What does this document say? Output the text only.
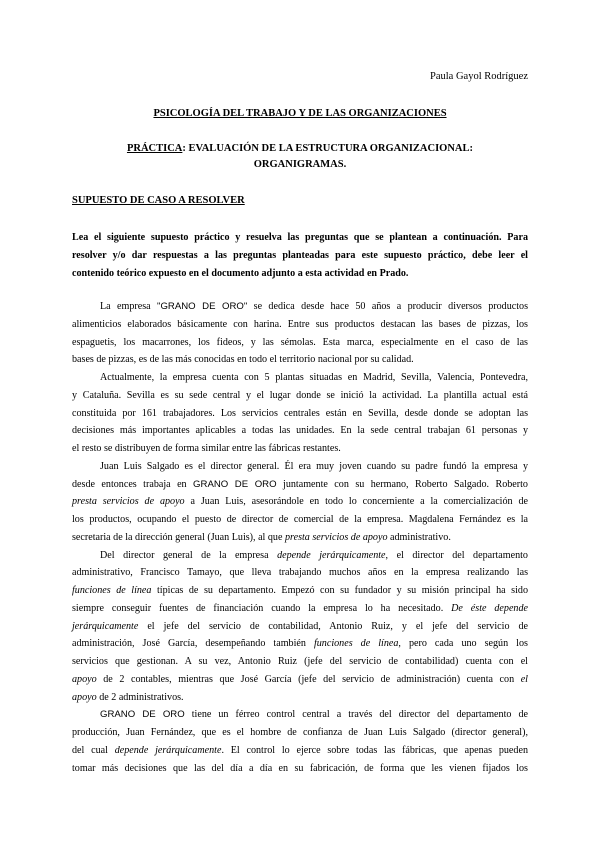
Paula Gayol Rodríguez
PSICOLOGÍA DEL TRABAJO Y DE LAS ORGANIZACIONES
PRÁCTICA: EVALUACIÓN DE LA ESTRUCTURA ORGANIZACIONAL:
ORGANIGRAMAS.
SUPUESTO DE CASO A RESOLVER
Lea el siguiente supuesto práctico y resuelva las preguntas que se plantean a continuación. Para
resolver y/o dar respuestas a las preguntas planteadas para este supuesto práctico, debe leer el
contenido teórico expuesto en el documento adjunto a esta actividad en Prado.
La empresa "GRANO DE ORO" se dedica desde hace 50 años a producir diversos productos
alimenticios elaborados básicamente con harina. Entre sus productos destacan las bases de pizzas, los
espaguetis, los macarrones, los fideos, y las sémolas. Esta marca, especialmente en el caso de las
bases de pizzas, es de las más conocidas en todo el territorio nacional por su calidad.
Actualmente, la empresa cuenta con 5 plantas situadas en Madrid, Sevilla, Valencia, Pontevedra,
y Cataluña. Sevilla es su sede central y el lugar donde se inició la actividad. La plantilla actual está
constituida por 161 trabajadores. Los servicios centrales están en Sevilla, desde donde se adoptan las
decisiones más importantes aplicables a todas las unidades. En la sede central trabajan 61 personas y
el resto se distribuyen de forma similar entre las fábricas restantes.
Juan Luis Salgado es el director general. Él era muy joven cuando su padre fundó la empresa y
desde entonces trabaja en GRANO DE ORO juntamente con su hermano, Roberto Salgado. Roberto
presta servicios de apoyo a Juan Luis, asesorándole en todo lo concerniente a la comercialización de
los productos, ocupando el puesto de director de comercial de la empresa. Magdalena Fernández es la
secretaria de la dirección general (Juan Luis), al que presta servicios de apoyo administrativo.
Del director general de la empresa depende jerárquicamente, el director del departamento
administrativo, Francisco Tamayo, que lleva trabajando muchos años en la empresa realizando las
funciones de línea típicas de su departamento. Empezó con su fundador y su misión principal ha sido
siempre conseguir fuentes de financiación cuando la empresa lo ha necesitado. De éste depende
jerárquicamente el jefe del servicio de contabilidad, Antonio Ruiz, y el jefe del servicio de
administración, José García, desempeñando también funciones de línea, pero cada uno según los
servicios que gestionan. A su vez, Antonio Ruiz (jefe del servicio de contabilidad) cuenta con el
apoyo de 2 contables, mientras que José García (jefe del servicio de administración) cuenta con el
apoyo de 2 administrativos.
GRANO DE ORO tiene un férreo control central a través del director del departamento de
producción, Juan Fernández, que es el hombre de confianza de Juan Luis Salgado (director general),
del cual depende jerárquicamente. El control lo ejerce sobre todas las fábricas, que apenas pueden
tomar más decisiones que las del día a día en su fabricación, de forma que les vienen fijados los
